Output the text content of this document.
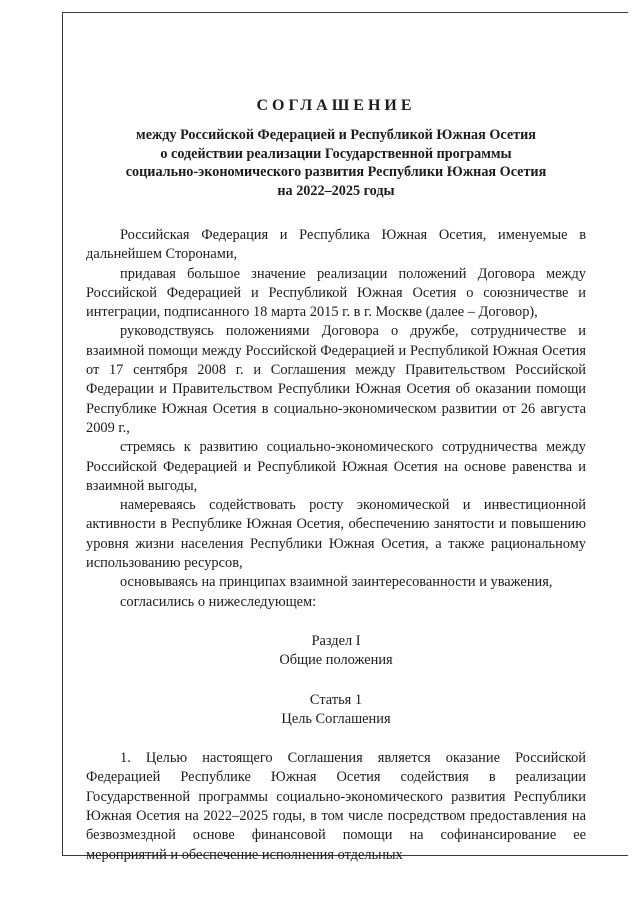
СОГЛАШЕНИЕ
между Российской Федерацией и Республикой Южная Осетия
о содействии реализации Государственной программы
социально-экономического развития Республики Южная Осетия
на 2022–2025 годы

Российская Федерация и Республика Южная Осетия, именуемые в дальнейшем Сторонами,

придавая большое значение реализации положений Договора между Российской Федерацией и Республикой Южная Осетия о союзничестве и интеграции, подписанного 18 марта 2015 г. в г. Москве (далее – Договор),

руководствуясь положениями Договора о дружбе, сотрудничестве и взаимной помощи между Российской Федерацией и Республикой Южная Осетия от 17 сентября 2008 г. и Соглашения между Правительством Российской Федерации и Правительством Республики Южная Осетия об оказании помощи Республике Южная Осетия в социально-экономическом развитии от 26 августа 2009 г.,

стремясь к развитию социально-экономического сотрудничества между Российской Федерацией и Республикой Южная Осетия на основе равенства и взаимной выгоды,

намереваясь содействовать росту экономической и инвестиционной активности в Республике Южная Осетия, обеспечению занятости и повышению уровня жизни населения Республики Южная Осетия, а также рациональному использованию ресурсов,

основываясь на принципах взаимной заинтересованности и уважения,

согласились о нижеследующем:

Раздел I
Общие положения
Статья 1
Цель Соглашения

1. Целью настоящего Соглашения является оказание Российской Федерацией Республике Южная Осетия содействия в реализации Государственной программы социально-экономического развития Республики Южная Осетия на 2022–2025 годы, в том числе посредством предоставления на безвозмездной основе финансовой помощи на софинансирование ее мероприятий и обеспечение исполнения отдельных
